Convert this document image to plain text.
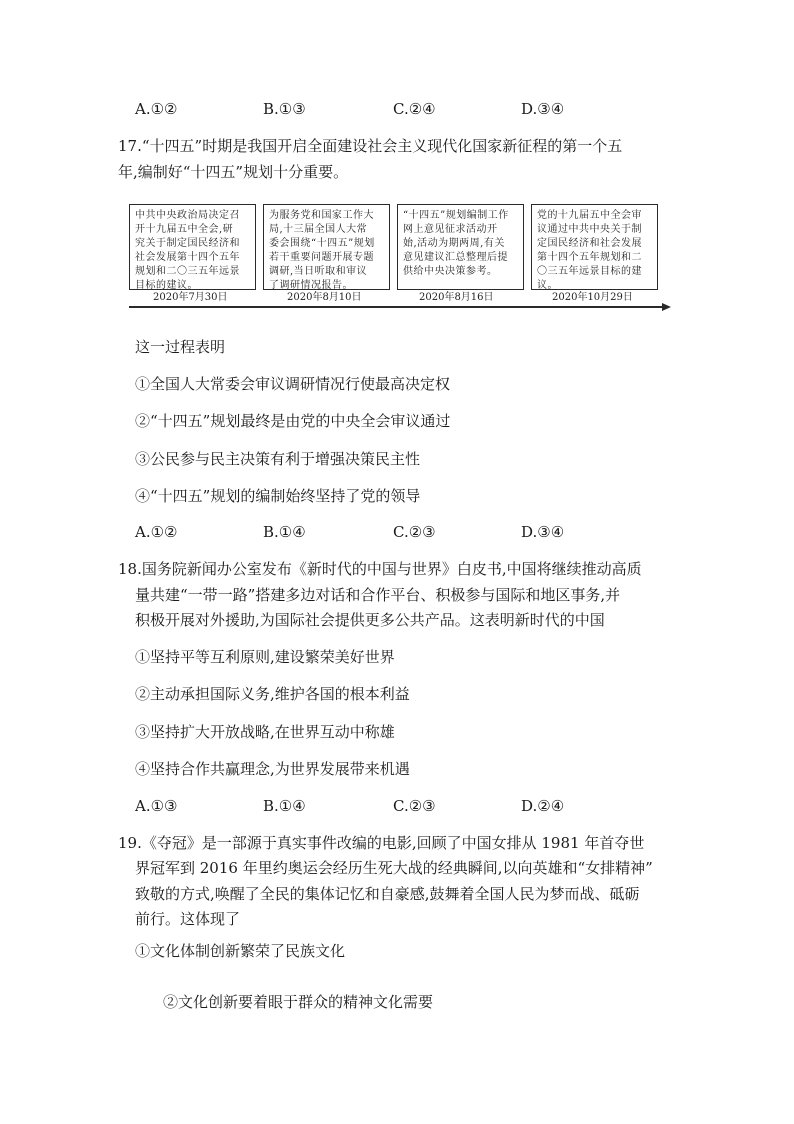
A.①②	B.①③	C.②④	D.③④
17.“十四五”时期是我国开启全面建设社会主义现代化国家新征程的第一个五
年,编制好“十四五”规划十分重要。
中共中央政治局决定召
开十九届五中全会,研
究关于制定国民经济和
社会发展第十四个五年
规划和二〇三五年远景
目标的建议。
为服务党和国家工作大
局,十三届全国人大常
委会围绕“十四五”规划
若干重要问题开展专题
调研,当日听取和审议
了调研情况报告。
“十四五”规划编制工作
网上意见征求活动开
始,活动为期两周,有关
意见建议汇总整理后提
供给中央决策参考。
党的十九届五中全会审
议通过中共中央关于制
定国民经济和社会发展
第十四个五年规划和二
〇三五年远景目标的建
议。
2020年7月30日	2020年8月10日	2020年8月16日	2020年10月29日
这一过程表明
①全国人大常委会审议调研情况行使最高决定权
②“十四五”规划最终是由党的中央全会审议通过
③公民参与民主决策有利于增强决策民主性
④“十四五”规划的编制始终坚持了党的领导
A.①②	B.①④	C.②③	D.③④
18.国务院新闻办公室发布《新时代的中国与世界》白皮书,中国将继续推动高质
量共建“一带一路”搭建多边对话和合作平台、积极参与国际和地区事务,并
积极开展对外援助,为国际社会提供更多公共产品。这表明新时代的中国
①坚持平等互利原则,建设繁荣美好世界
②主动承担国际义务,维护各国的根本利益
③坚持扩大开放战略,在世界互动中称雄
④坚持合作共赢理念,为世界发展带来机遇
A.①③	B.①④	C.②③	D.②④
19.《夺冠》是一部源于真实事件改编的电影,回顾了中国女排从 1981 年首夺世
界冠军到 2016 年里约奥运会经历生死大战的经典瞬间,以向英雄和“女排精神”
致敬的方式,唤醒了全民的集体记忆和自豪感,鼓舞着全国人民为梦而战、砥砺
前行。这体现了
①文化体制创新繁荣了民族文化
②文化创新要着眼于群众的精神文化需要
